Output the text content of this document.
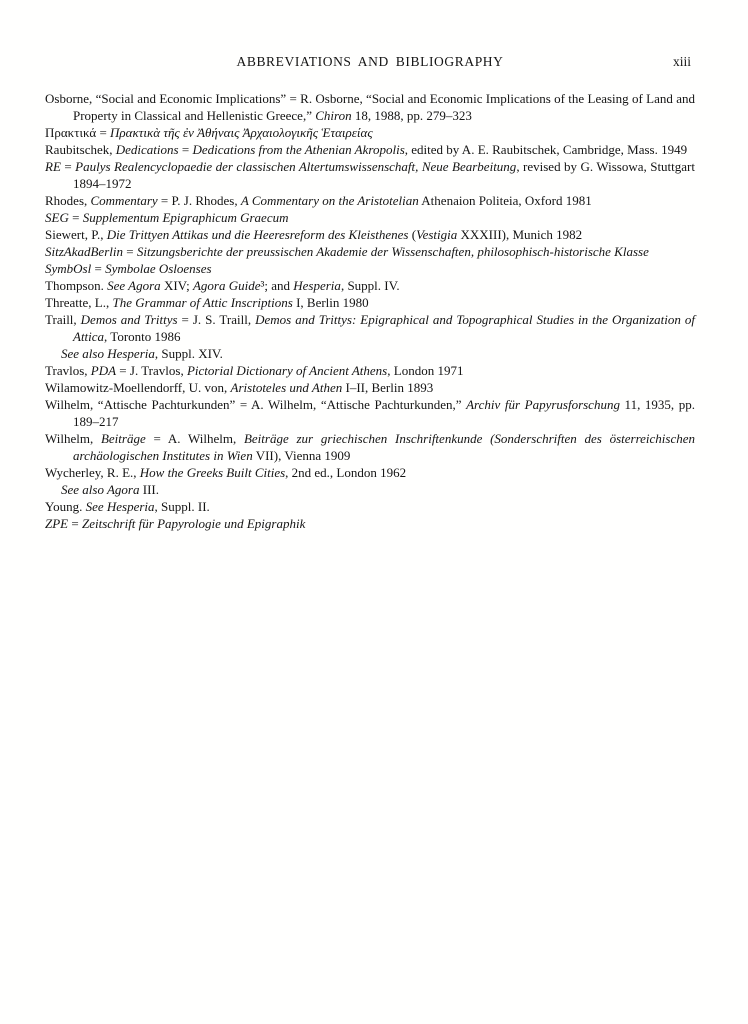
ABBREVIATIONS AND BIBLIOGRAPHY	xiii
Osborne, “Social and Economic Implications” = R. Osborne, “Social and Economic Implications of the Leasing of Land and Property in Classical and Hellenistic Greece,” Chiron 18, 1988, pp. 279–323
Πρακτικά = Πρακτικὰ τῆς ἐν Ἀθήναις Ἀρχαιολογικῆς Ἑταιρείας
Raubitschek, Dedications = Dedications from the Athenian Akropolis, edited by A. E. Raubitschek, Cambridge, Mass. 1949
RE = Paulys Realencyclopaedie der classischen Altertumswissenschaft, Neue Bearbeitung, revised by G. Wissowa, Stuttgart 1894–1972
Rhodes, Commentary = P. J. Rhodes, A Commentary on the Aristotelian Athenaion Politeia, Oxford 1981
SEG = Supplementum Epigraphicum Graecum
Siewert, P., Die Trittyen Attikas und die Heeresreform des Kleisthenes (Vestigia XXXIII), Munich 1982
SitzAkadBerlin = Sitzungsberichte der preussischen Akademie der Wissenschaften, philosophisch-historische Klasse
SymbOsl = Symbolae Osloenses
Thompson. See Agora XIV; Agora Guide³; and Hesperia, Suppl. IV.
Threatte, L., The Grammar of Attic Inscriptions I, Berlin 1980
Traill, Demos and Trittys = J. S. Traill, Demos and Trittys: Epigraphical and Topographical Studies in the Organization of Attica, Toronto 1986
See also Hesperia, Suppl. XIV.
Travlos, PDA = J. Travlos, Pictorial Dictionary of Ancient Athens, London 1971
Wilamowitz-Moellendorff, U. von, Aristoteles und Athen I–II, Berlin 1893
Wilhelm, “Attische Pachturkunden” = A. Wilhelm, “Attische Pachturkunden,” Archiv für Papyrusforschung 11, 1935, pp. 189–217
Wilhelm, Beiträge = A. Wilhelm, Beiträge zur griechischen Inschriftenkunde (Sonderschriften des österreichischen archäologischen Institutes in Wien VII), Vienna 1909
Wycherley, R. E., How the Greeks Built Cities, 2nd ed., London 1962
See also Agora III.
Young. See Hesperia, Suppl. II.
ZPE = Zeitschrift für Papyrologie und Epigraphik
